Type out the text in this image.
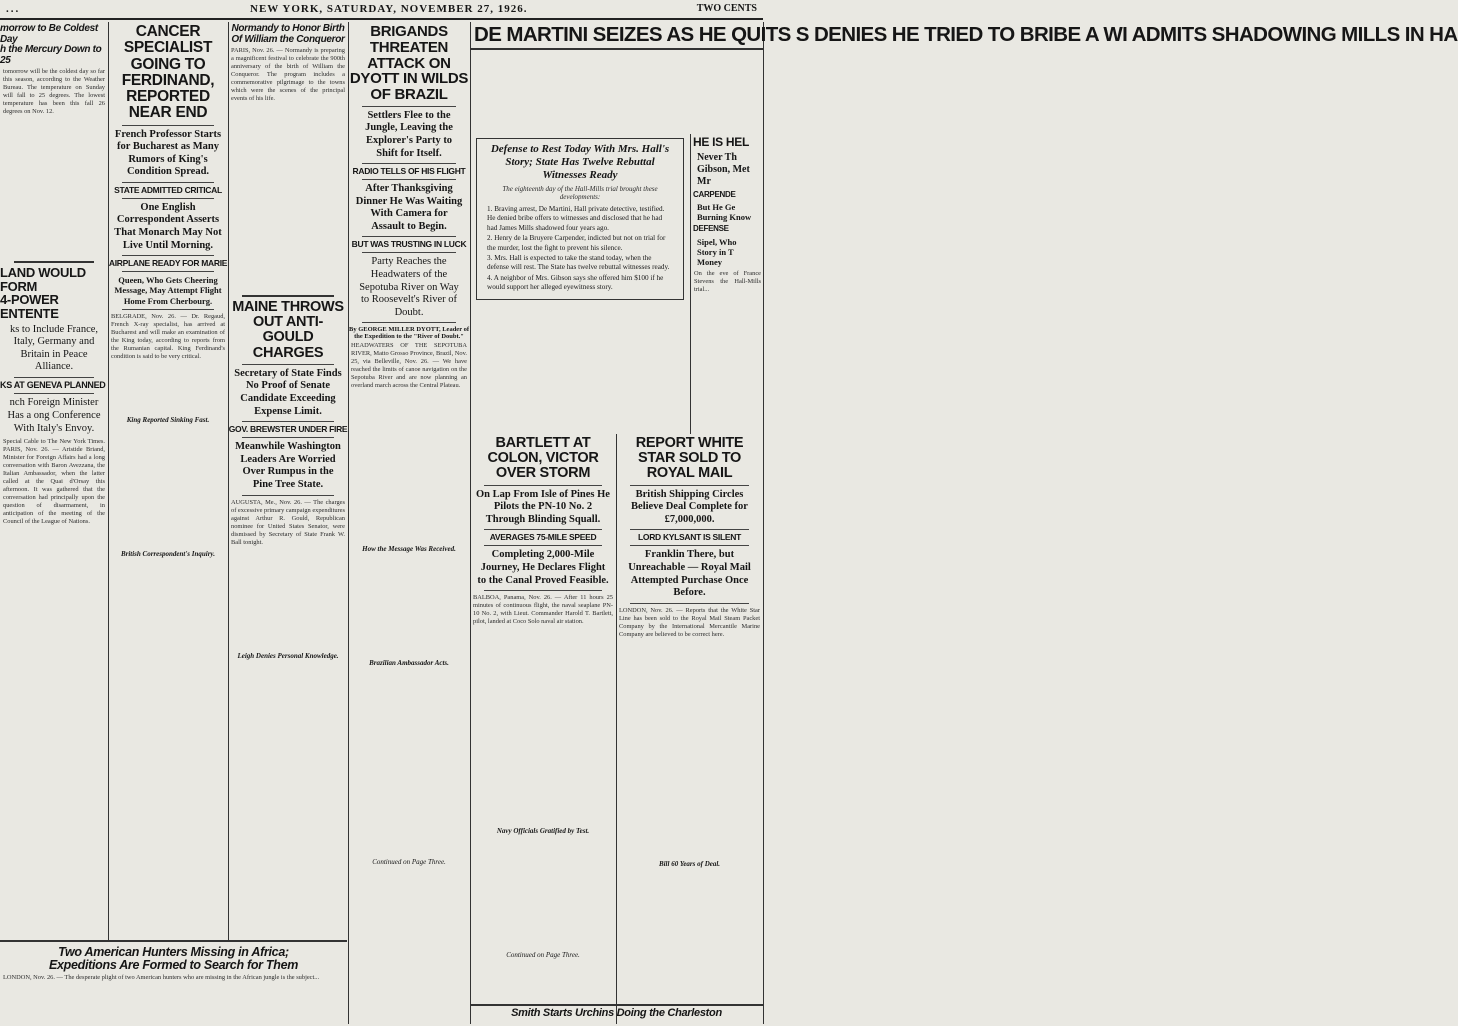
...	NEW YORK, SATURDAY, NOVEMBER 27, 1926.	TWO CENTS
morrow to Be Coldest Day
h the Mercury Down to 25
tomorrow will be the coldest day so far this season, according to the Weather Bureau. The temperature on Sunday will fall to 25 degrees. The lowest temperature has been this fall 26 degrees on Nov. 12.
LAND WOULD FORM
4-POWER ENTENTE
ks to Include France, Italy, Germany and Britain in Peace Alliance.
KS AT GENEVA PLANNED
nch Foreign Minister Has a ong Conference With Italy's Envoy.
Special Cable to The New York Times. PARIS, Nov. 26. — Aristide Briand, Minister for Foreign Affairs had a long conversation with Baron Avezzana, the Italian Ambassador, when the latter called at the Quai d'Orsay this afternoon. It was gathered that the conversation had principally upon the question of disarmament, in anticipation of the meeting of the Council of the League of Nations.
CANCER SPECIALIST GOING TO FERDINAND, REPORTED NEAR END
French Professor Starts for Bucharest as Many Rumors of King's Condition Spread.
STATE ADMITTED CRITICAL
One English Correspondent Asserts That Monarch May Not Live Until Morning.
AIRPLANE READY FOR MARIE
Queen, Who Gets Cheering Message, May Attempt Flight Home From Cherbourg.
BELGRADE, Nov. 26. — Dr. Regaud, French X-ray specialist, has arrived at Bucharest and will make an examination of the King today, according to reports from the Rumanian capital. King Ferdinand's condition is said to be very critical.
King Reported Sinking Fast.
British Correspondent's Inquiry.
Normandy to Honor Birth Of William the Conqueror
PARIS, Nov. 26. — Normandy is preparing a magnificent festival to celebrate the 900th anniversary of the birth of William the Conqueror. The program includes a commemorative pilgrimage to the towns which were the scenes of the principal events of his life.
MAINE THROWS OUT ANTI-GOULD CHARGES
Secretary of State Finds No Proof of Senate Candidate Exceeding Expense Limit.
GOV. BREWSTER UNDER FIRE
Meanwhile Washington Leaders Are Worried Over Rumpus in the Pine Tree State.
AUGUSTA, Me., Nov. 26. — The charges of excessive primary campaign expenditures against Arthur R. Gould, Republican nominee for United States Senator, were dismissed by Secretary of State Frank W. Ball tonight.
Leigh Denies Personal Knowledge.
BRIGANDS THREATEN ATTACK ON DYOTT IN WILDS OF BRAZIL
Settlers Flee to the Jungle, Leaving the Explorer's Party to Shift for Itself.
RADIO TELLS OF HIS FLIGHT
After Thanksgiving Dinner He Was Waiting With Camera for Assault to Begin.
BUT WAS TRUSTING IN LUCK
Party Reaches the Headwaters of the Sepotuba River on Way to Roosevelt's River of Doubt.
By GEORGE MILLER DYOTT, Leader of the Expedition to the "River of Doubt."
HEADWATERS OF THE SEPOTUBA RIVER, Matto Grosso Province, Brazil, Nov. 25, via Belleville, Nov. 26. — We have reached the limits of canoe navigation on the Sepotuba River and are now planning an overland march across the Central Plateau.
How the Message Was Received.
Brazilian Ambassador Acts.
Continued on Page Three.
DE MARTINI SEIZES AS HE QUITS S DENIES HE TRIED TO BRIBE A WI ADMITS SHADOWING MILLS IN HA
Defense to Rest Today With Mrs. Hall's Story; State Has Twelve Rebuttal Witnesses Ready
The eighteenth day of the Hall-Mills trial brought these developments:
1. Braving arrest, De Martini, Hall private detective, testified. He denied bribe offers to witnesses and disclosed that he had had James Mills shadowed four years ago.
2. Henry de la Bruyere Carpender, indicted but not on trial for the murder, lost the fight to prevent his silence.
3. Mrs. Hall is expected to take the stand today, when the defense will rest. The State has twelve rebuttal witnesses ready.
4. A neighbor of Mrs. Gibson says she offered him $100 if he would support her alleged eyewitness story.
HE IS HEL
Never Th Gibson, Met Mr
CARPENDE
But He Ge Burning Know
DEFENSE
Sipel, Who Story in T Money
On the eve of France Stevens the Hall-Mills trial...
BARTLETT AT COLON, VICTOR OVER STORM
On Lap From Isle of Pines He Pilots the PN-10 No. 2 Through Blinding Squall.
AVERAGES 75-MILE SPEED
Completing 2,000-Mile Journey, He Declares Flight to the Canal Proved Feasible.
BALBOA, Panama, Nov. 26. — After 11 hours 25 minutes of continuous flight, the naval seaplane PN-10 No. 2, with Lieut. Commander Harold T. Bartlett, pilot, landed at Coco Solo naval air station.
Navy Officials Gratified by Test.
Continued on Page Three.
REPORT WHITE STAR SOLD TO ROYAL MAIL
British Shipping Circles Believe Deal Complete for £7,000,000.
LORD KYLSANT IS SILENT
Franklin There, but Unreachable — Royal Mail Attempted Purchase Once Before.
LONDON, Nov. 26. — Reports that the White Star Line has been sold to the Royal Mail Steam Packet Company by the International Mercantile Marine Company are believed to be correct here.
Bill 60 Years of Deal.
Smith Starts Urchins Doing the Charleston
Two American Hunters Missing in Africa;
Expeditions Are Formed to Search for Them
LONDON, Nov. 26. — The desperate plight of two American hunters who are missing in the African jungle is the subject...
